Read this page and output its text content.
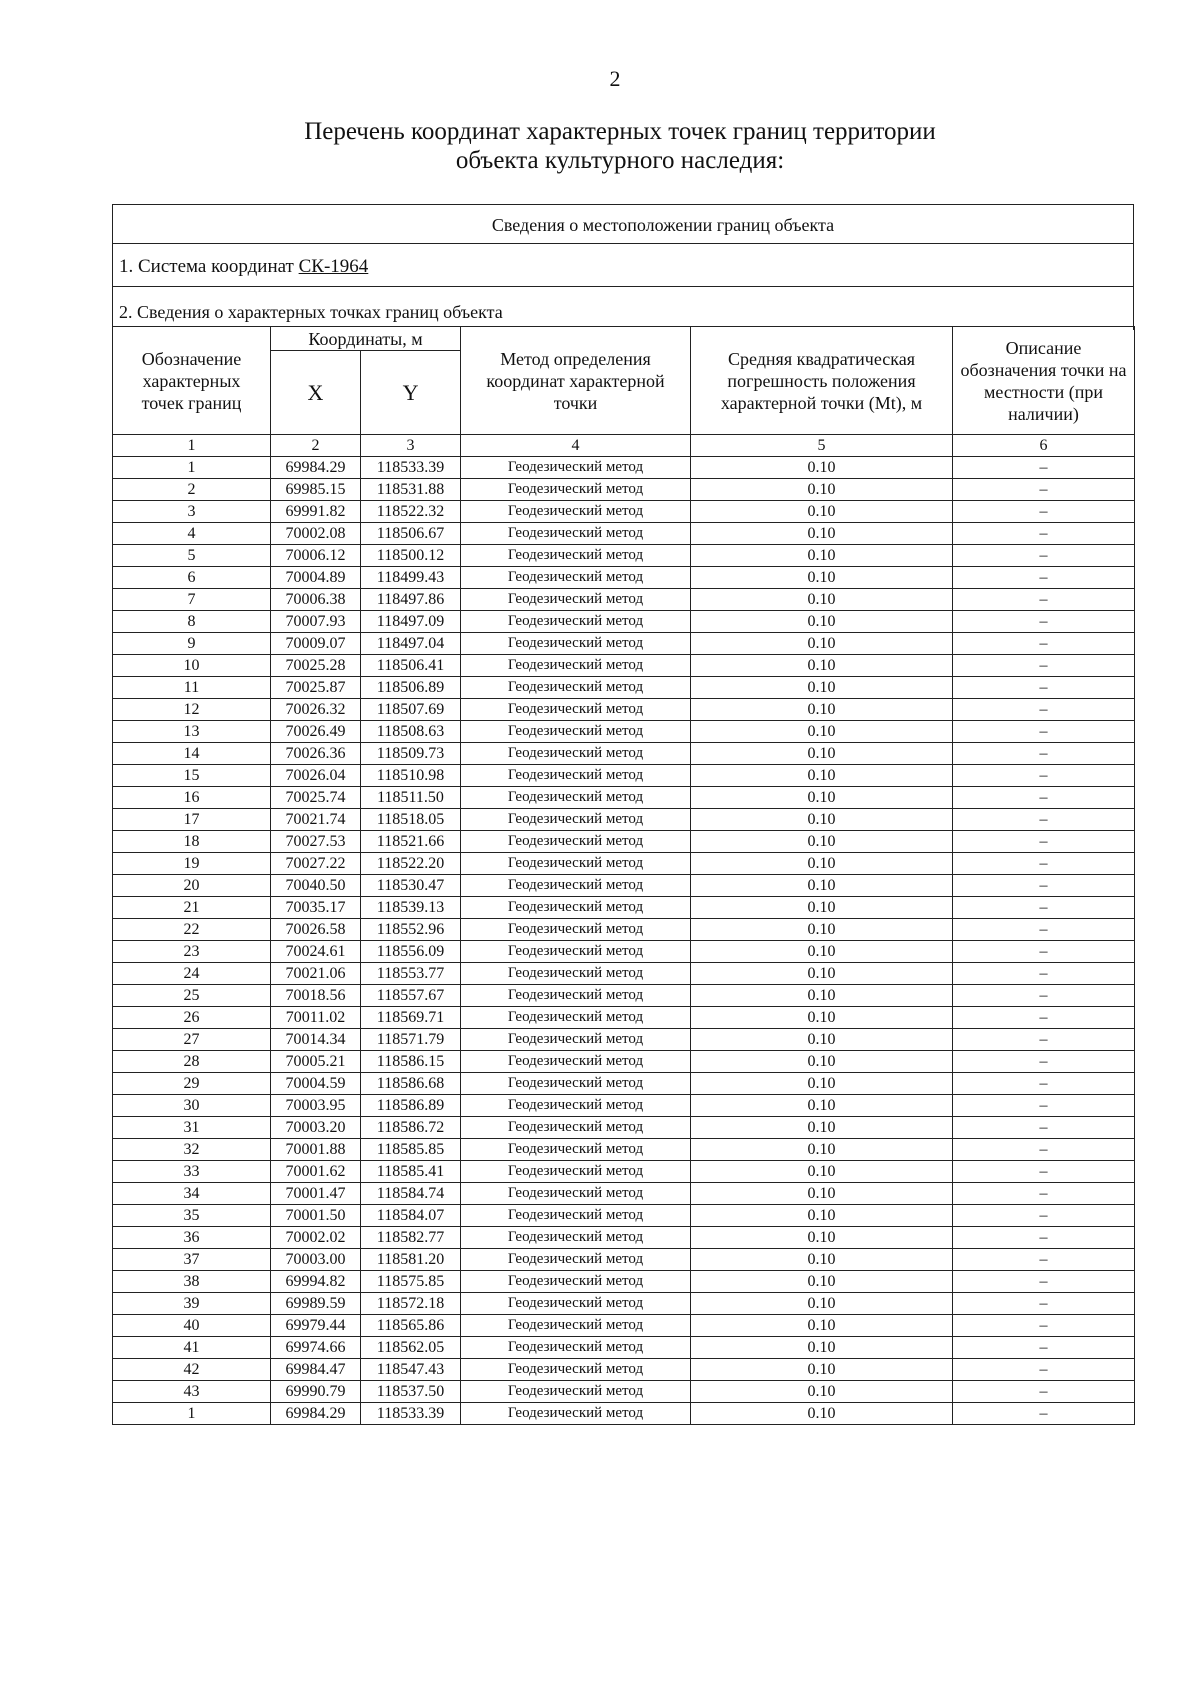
2
Перечень координат характерных точек границ территории
объекта культурного наследия:
Сведения о местоположении границ объекта
1. Система координат СК-1964
2. Сведения о характерных точках границ объекта
Обозначение характерных точек границ	Координаты, м		Метод определения координат характерной точки	Средняя квадратическая погрешность положения характерной точки (Mt), м	Описание обозначения точки на местности (при наличии)
	X	Y			
1	2	3	4	5	6
1	69984.29	118533.39	Геодезический метод	0.10	–
2	69985.15	118531.88	Геодезический метод	0.10	–
3	69991.82	118522.32	Геодезический метод	0.10	–
4	70002.08	118506.67	Геодезический метод	0.10	–
5	70006.12	118500.12	Геодезический метод	0.10	–
6	70004.89	118499.43	Геодезический метод	0.10	–
7	70006.38	118497.86	Геодезический метод	0.10	–
8	70007.93	118497.09	Геодезический метод	0.10	–
9	70009.07	118497.04	Геодезический метод	0.10	–
10	70025.28	118506.41	Геодезический метод	0.10	–
11	70025.87	118506.89	Геодезический метод	0.10	–
12	70026.32	118507.69	Геодезический метод	0.10	–
13	70026.49	118508.63	Геодезический метод	0.10	–
14	70026.36	118509.73	Геодезический метод	0.10	–
15	70026.04	118510.98	Геодезический метод	0.10	–
16	70025.74	118511.50	Геодезический метод	0.10	–
17	70021.74	118518.05	Геодезический метод	0.10	–
18	70027.53	118521.66	Геодезический метод	0.10	–
19	70027.22	118522.20	Геодезический метод	0.10	–
20	70040.50	118530.47	Геодезический метод	0.10	–
21	70035.17	118539.13	Геодезический метод	0.10	–
22	70026.58	118552.96	Геодезический метод	0.10	–
23	70024.61	118556.09	Геодезический метод	0.10	–
24	70021.06	118553.77	Геодезический метод	0.10	–
25	70018.56	118557.67	Геодезический метод	0.10	–
26	70011.02	118569.71	Геодезический метод	0.10	–
27	70014.34	118571.79	Геодезический метод	0.10	–
28	70005.21	118586.15	Геодезический метод	0.10	–
29	70004.59	118586.68	Геодезический метод	0.10	–
30	70003.95	118586.89	Геодезический метод	0.10	–
31	70003.20	118586.72	Геодезический метод	0.10	–
32	70001.88	118585.85	Геодезический метод	0.10	–
33	70001.62	118585.41	Геодезический метод	0.10	–
34	70001.47	118584.74	Геодезический метод	0.10	–
35	70001.50	118584.07	Геодезический метод	0.10	–
36	70002.02	118582.77	Геодезический метод	0.10	–
37	70003.00	118581.20	Геодезический метод	0.10	–
38	69994.82	118575.85	Геодезический метод	0.10	–
39	69989.59	118572.18	Геодезический метод	0.10	–
40	69979.44	118565.86	Геодезический метод	0.10	–
41	69974.66	118562.05	Геодезический метод	0.10	–
42	69984.47	118547.43	Геодезический метод	0.10	–
43	69990.79	118537.50	Геодезический метод	0.10	–
1	69984.29	118533.39	Геодезический метод	0.10	–
